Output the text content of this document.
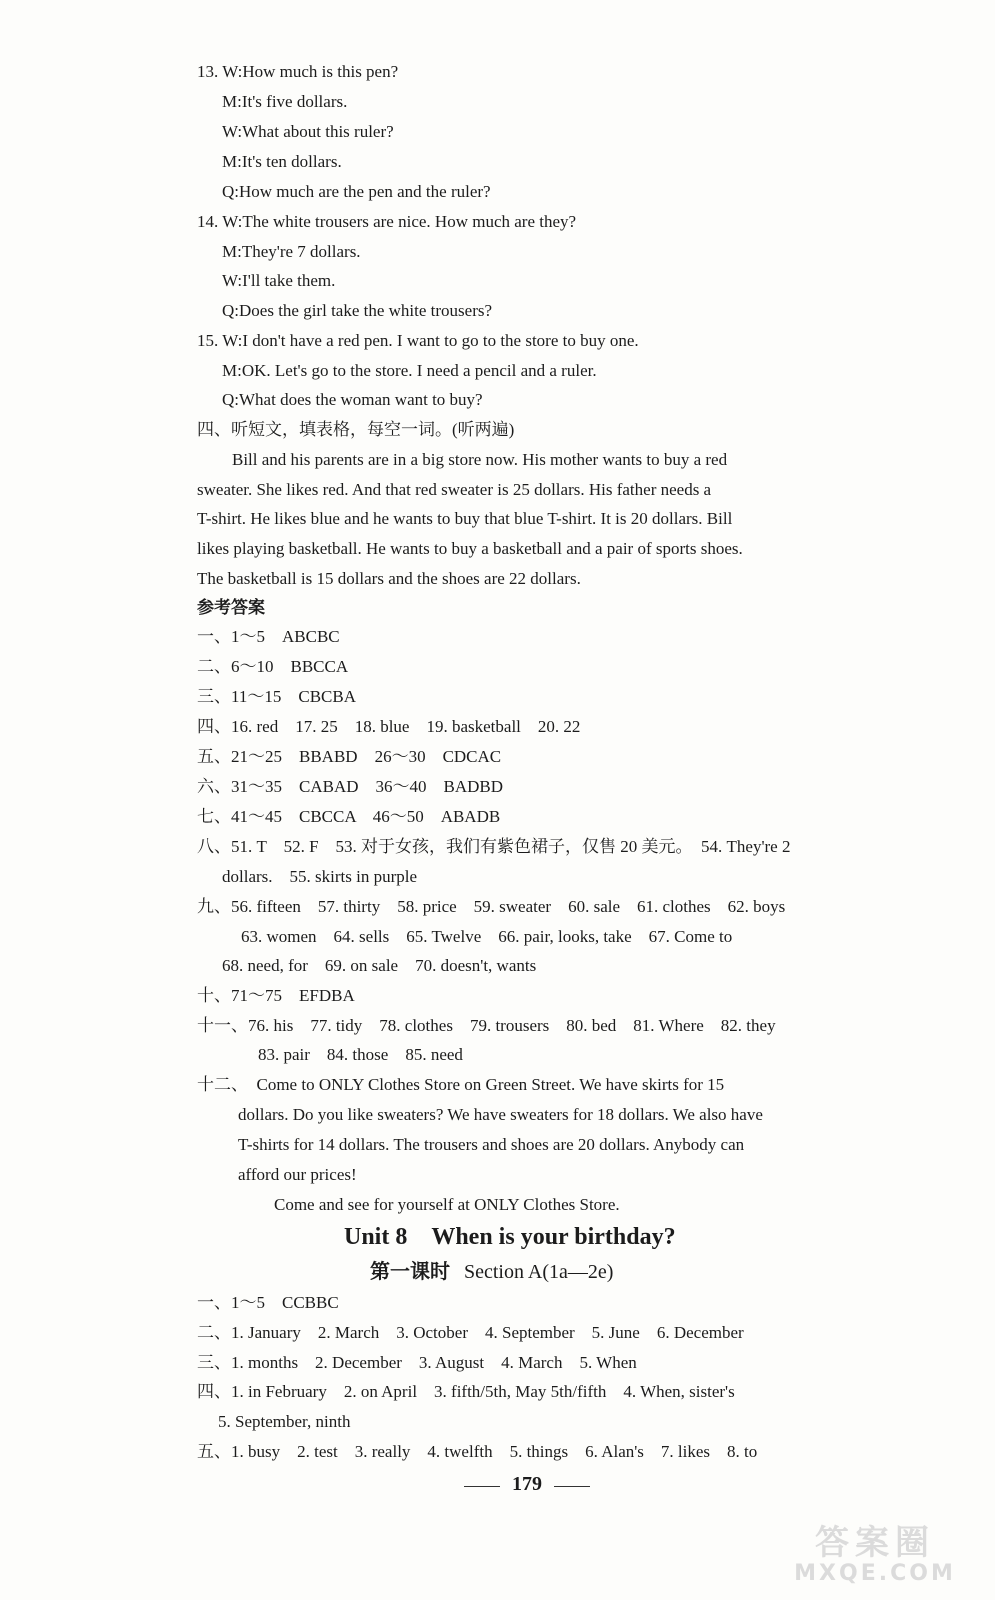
13. W:How much is this pen?
M:It's five dollars.
W:What about this ruler?
M:It's ten dollars.
Q:How much are the pen and the ruler?
14. W:The white trousers are nice. How much are they?
M:They're 7 dollars.
W:I'll take them.
Q:Does the girl take the white trousers?
15. W:I don't have a red pen. I want to go to the store to buy one.
M:OK. Let's go to the store. I need a pencil and a ruler.
Q:What does the woman want to buy?
四、听短文，填表格，每空一词。(听两遍)
Bill and his parents are in a big store now. His mother wants to buy a red
sweater. She likes red. And that red sweater is 25 dollars. His father needs a
T-shirt. He likes blue and he wants to buy that blue T-shirt. It is 20 dollars. Bill
likes playing basketball. He wants to buy a basketball and a pair of sports shoes.
The basketball is 15 dollars and the shoes are 22 dollars.
参考答案
一、1～5　ABCBC
二、6～10　BBCCA
三、11～15　CBCBA
四、16. red　17. 25　18. blue　19. basketball　20. 22
五、21～25　BBABD　26～30　CDCAC
六、31～35　CABAD　36～40　BADBD
七、41～45　CBCCA　46～50　ABADB
八、51. T　52. F　53. 对于女孩，我们有紫色裙子，仅售 20 美元。　54. They're 2
dollars.　55. skirts in purple
九、56. fifteen　57. thirty　58. price　59. sweater　60. sale　61. clothes　62. boys
63. women　64. sells　65. Twelve　66. pair, looks, take　67. Come to
68. need, for　69. on sale　70. doesn't, wants
十、71～75　EFDBA
十一、76. his　77. tidy　78. clothes　79. trousers　80. bed　81. Where　82. they
83. pair　84. those　85. need
十二、　Come to ONLY Clothes Store on Green Street. We have skirts for 15
dollars. Do you like sweaters? We have sweaters for 18 dollars. We also have
T-shirts for 14 dollars. The trousers and shoes are 20 dollars. Anybody can
afford our prices!
Come and see for yourself at ONLY Clothes Store.
Unit 8　When is your birthday?
第一课时 Section A(1a—2e)
一、1～5　CCBBC
二、1. January　2. March　3. October　4. September　5. June　6. December
三、1. months　2. December　3. August　4. March　5. When
四、1. in February　2. on April　3. fifth/5th, May 5th/fifth　4. When, sister's
5. September, ninth
五、1. busy　2. test　3. really　4. twelfth　5. things　6. Alan's　7. likes　8. to
179
答案圈
MXQE.COM
